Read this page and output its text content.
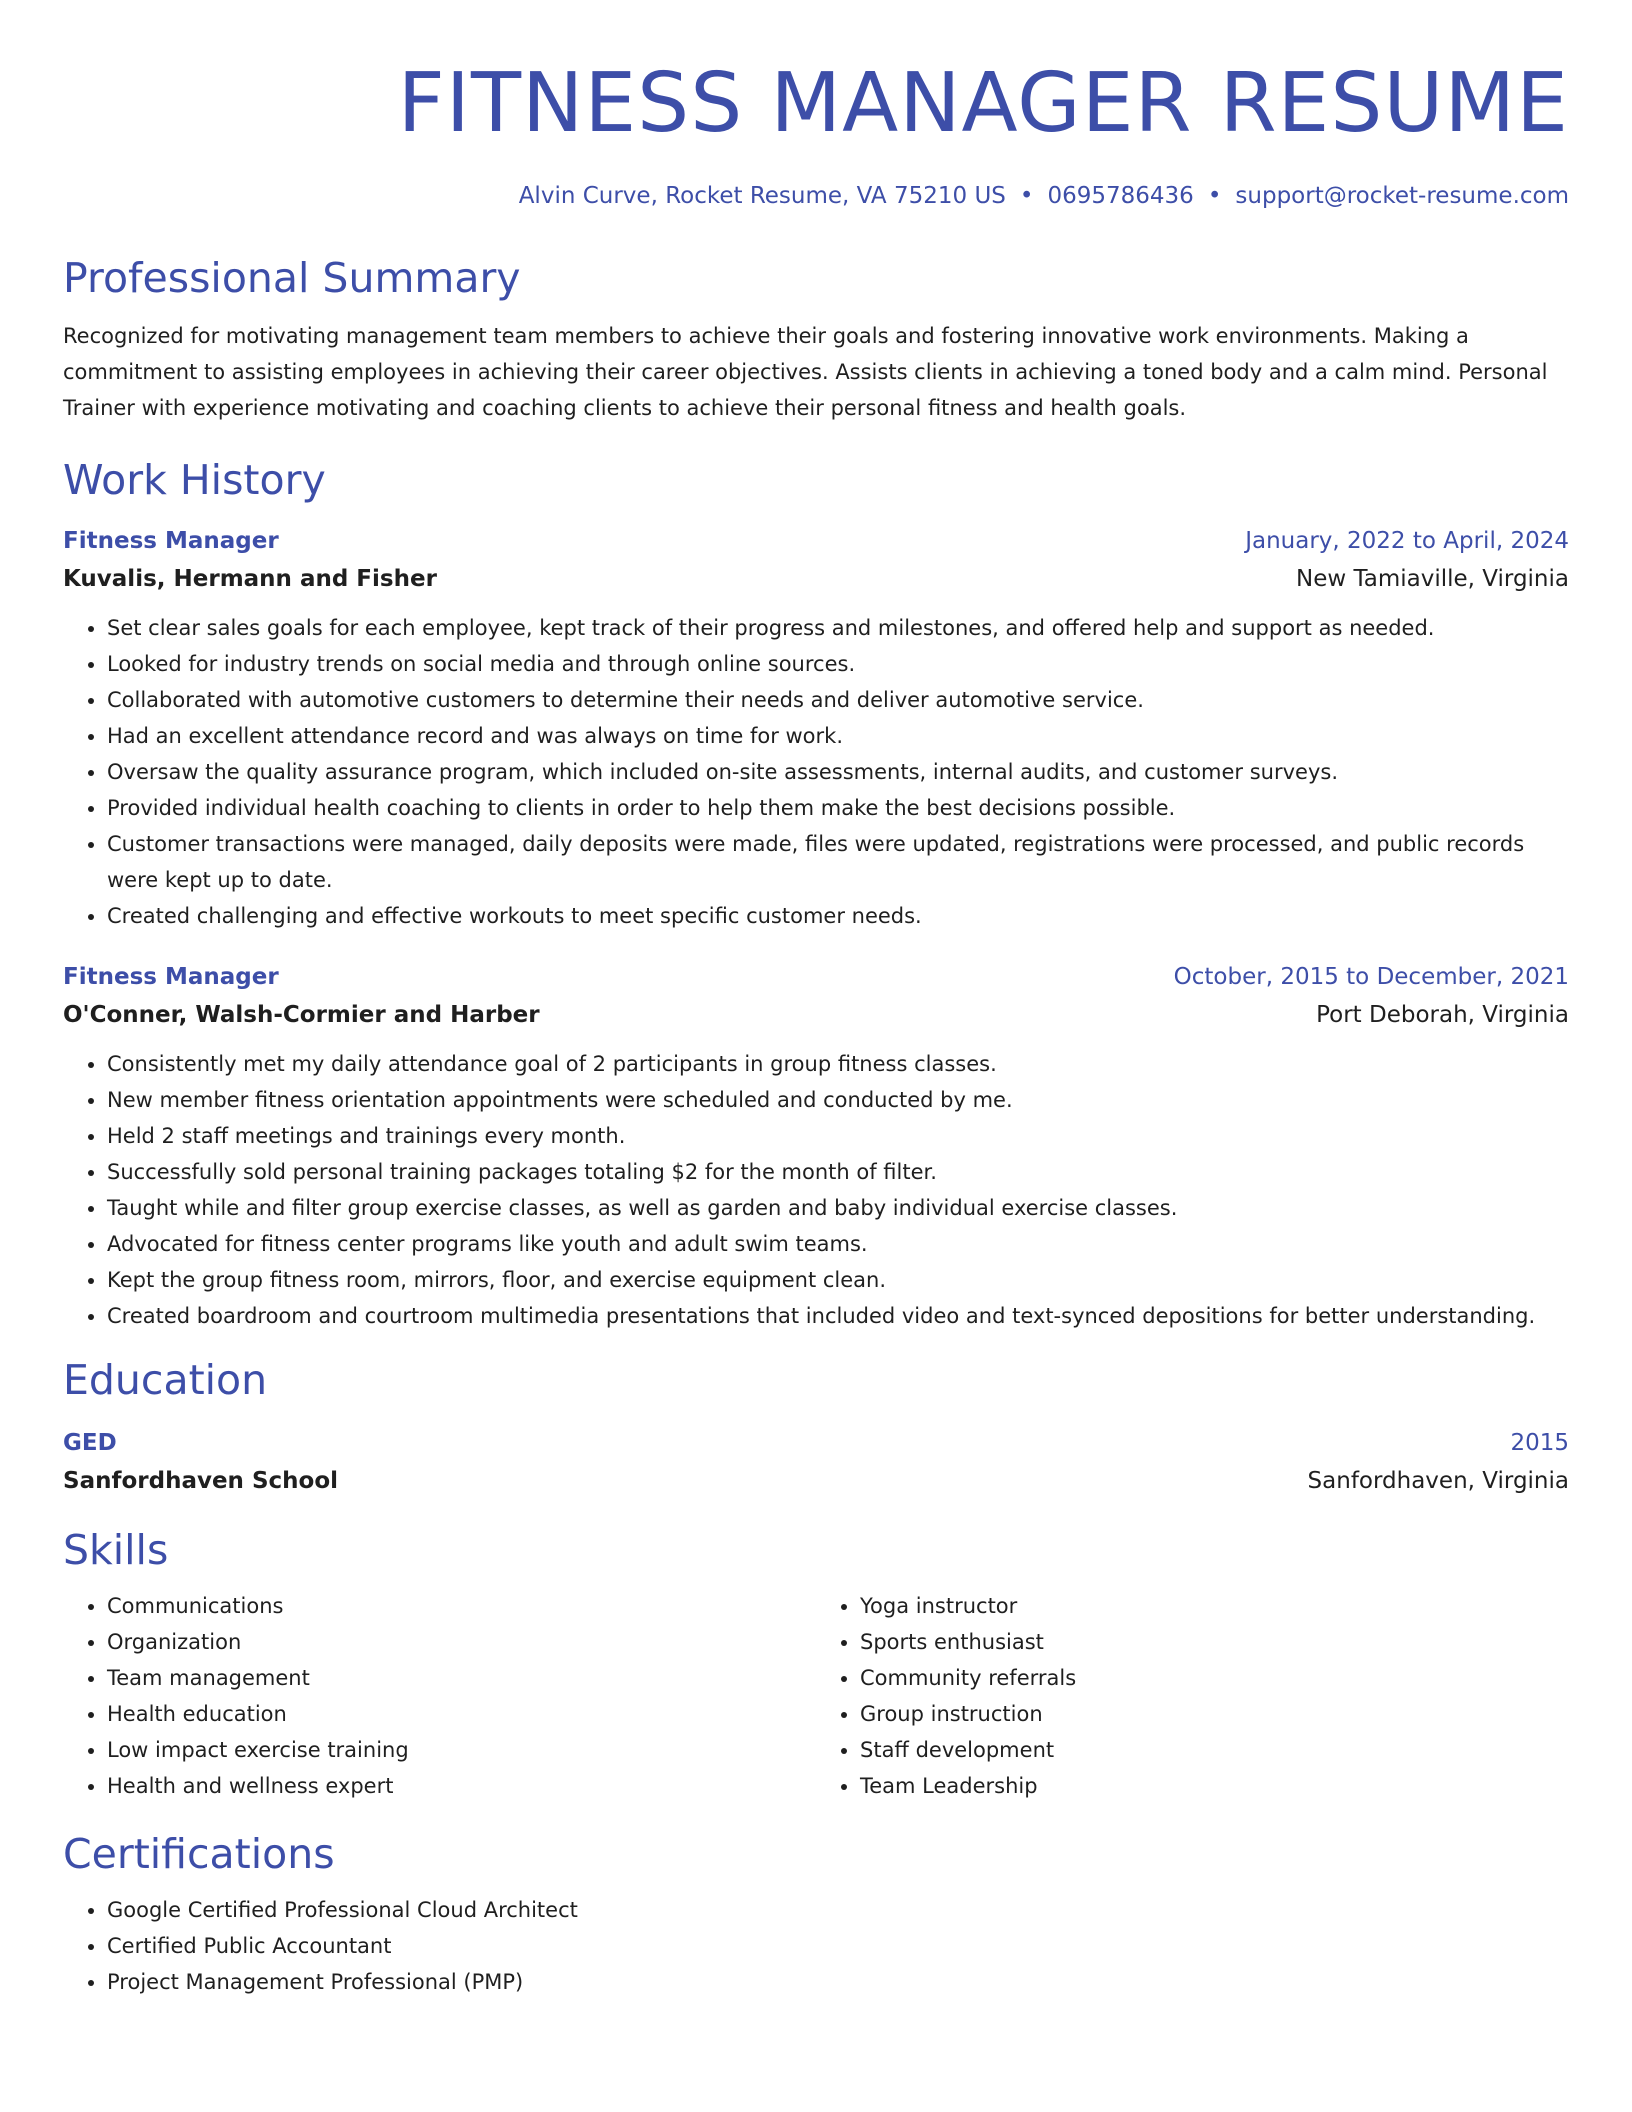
FITNESS MANAGER RESUME
Alvin Curve, Rocket Resume, VA 75210 US • 0695786436 • support@rocket-resume.com
Professional Summary
Recognized for motivating management team members to achieve their goals and fostering innovative work environments. Making a commitment to assisting employees in achieving their career objectives. Assists clients in achieving a toned body and a calm mind. Personal Trainer with experience motivating and coaching clients to achieve their personal fitness and health goals.
Work History
Fitness Manager	January, 2022 to April, 2024
Kuvalis, Hermann and Fisher	New Tamiaville, Virginia
• Set clear sales goals for each employee, kept track of their progress and milestones, and offered help and support as needed.
• Looked for industry trends on social media and through online sources.
• Collaborated with automotive customers to determine their needs and deliver automotive service.
• Had an excellent attendance record and was always on time for work.
• Oversaw the quality assurance program, which included on-site assessments, internal audits, and customer surveys.
• Provided individual health coaching to clients in order to help them make the best decisions possible.
• Customer transactions were managed, daily deposits were made, files were updated, registrations were processed, and public records were kept up to date.
• Created challenging and effective workouts to meet specific customer needs.
Fitness Manager	October, 2015 to December, 2021
O'Conner, Walsh-Cormier and Harber	Port Deborah, Virginia
• Consistently met my daily attendance goal of 2 participants in group fitness classes.
• New member fitness orientation appointments were scheduled and conducted by me.
• Held 2 staff meetings and trainings every month.
• Successfully sold personal training packages totaling $2 for the month of filter.
• Taught while and filter group exercise classes, as well as garden and baby individual exercise classes.
• Advocated for fitness center programs like youth and adult swim teams.
• Kept the group fitness room, mirrors, floor, and exercise equipment clean.
• Created boardroom and courtroom multimedia presentations that included video and text-synced depositions for better understanding.
Education
GED	2015
Sanfordhaven School	Sanfordhaven, Virginia
Skills
• Communications
• Organization
• Team management
• Health education
• Low impact exercise training
• Health and wellness expert
• Yoga instructor
• Sports enthusiast
• Community referrals
• Group instruction
• Staff development
• Team Leadership
Certifications
• Google Certified Professional Cloud Architect
• Certified Public Accountant
• Project Management Professional (PMP)
